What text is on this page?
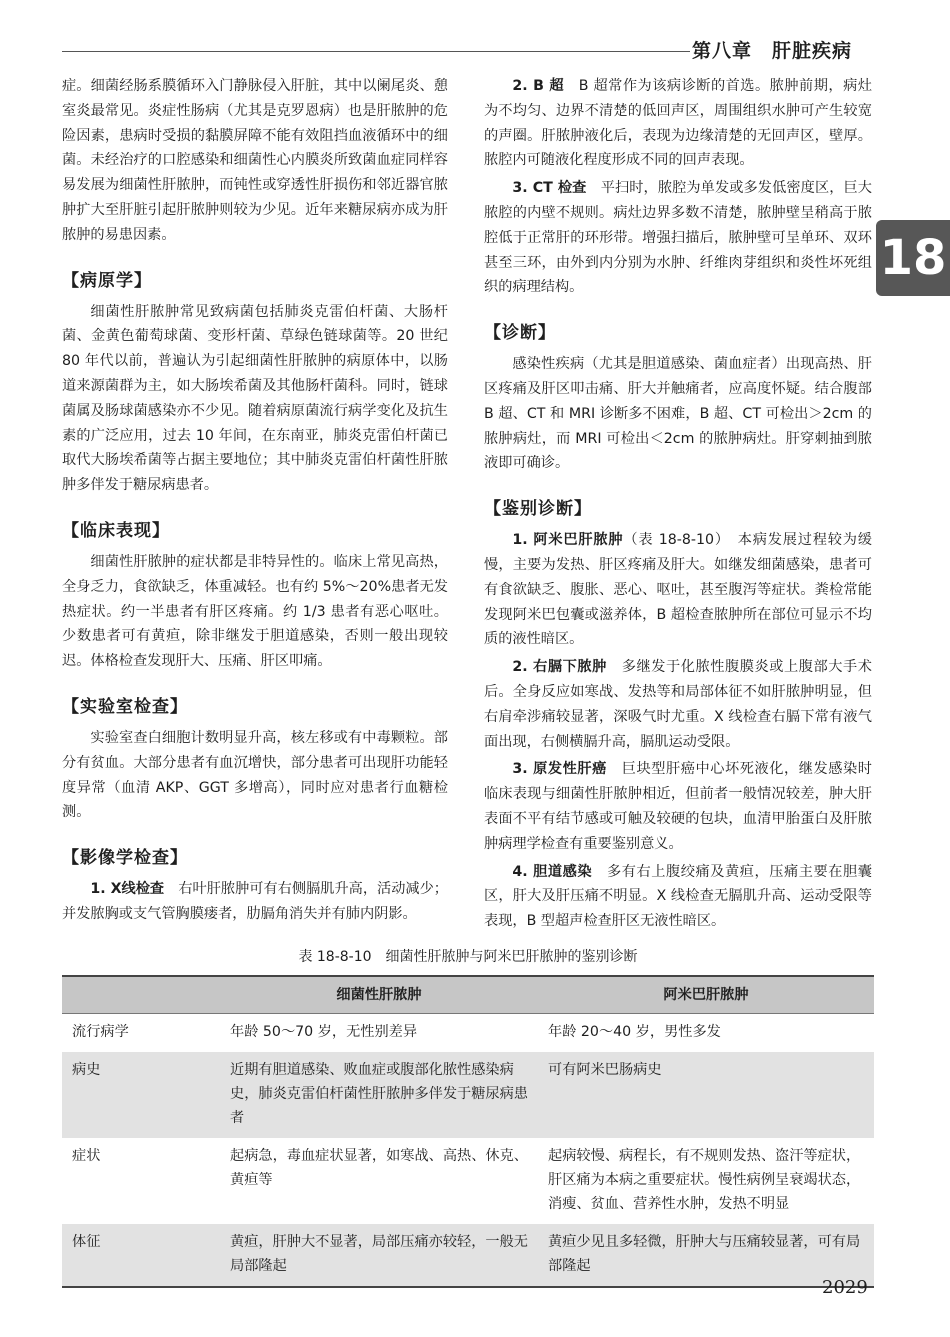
第八章　肝脏疾病
18

症。细菌经肠系膜循环入门静脉侵入肝脏，其中以阑尾炎、憩室炎最常见。炎症性肠病（尤其是克罗恩病）也是肝脓肿的危险因素，患病时受损的黏膜屏障不能有效阻挡血液循环中的细菌。未经治疗的口腔感染和细菌性心内膜炎所致菌血症同样容易发展为细菌性肝脓肿，而钝性或穿透性肝损伤和邻近器官脓肿扩大至肝脏引起肝脓肿则较为少见。近年来糖尿病亦成为肝脓肿的易患因素。

【病原学】

细菌性肝脓肿常见致病菌包括肺炎克雷伯杆菌、大肠杆菌、金黄色葡萄球菌、变形杆菌、草绿色链球菌等。20 世纪 80 年代以前，普遍认为引起细菌性肝脓肿的病原体中，以肠道来源菌群为主，如大肠埃希菌及其他肠杆菌科。同时，链球菌属及肠球菌感染亦不少见。随着病原菌流行病学变化及抗生素的广泛应用，过去 10 年间，在东南亚，肺炎克雷伯杆菌已取代大肠埃希菌等占据主要地位；其中肺炎克雷伯杆菌性肝脓肿多伴发于糖尿病患者。

【临床表现】

细菌性肝脓肿的症状都是非特异性的。临床上常见高热，全身乏力，食欲缺乏，体重减轻。也有约 5%～20%患者无发热症状。约一半患者有肝区疼痛。约 1/3 患者有恶心呕吐。少数患者可有黄疸，除非继发于胆道感染，否则一般出现较迟。体格检查发现肝大、压痛、肝区叩痛。

【实验室检查】

实验室查白细胞计数明显升高，核左移或有中毒颗粒。部分有贫血。大部分患者有血沉增快，部分患者可出现肝功能轻度异常（血清 AKP、GGT 多增高），同时应对患者行血糖检测。

【影像学检查】

1. X线检查　 右叶肝脓肿可有右侧膈肌升高，活动减少；并发脓胸或支气管胸膜瘘者，肋膈角消失并有肺内阴影。

2. B 超　 B 超常作为该病诊断的首选。脓肿前期，病灶为不均匀、边界不清楚的低回声区，周围组织水肿可产生较宽的声圈。肝脓肿液化后，表现为边缘清楚的无回声区，壁厚。脓腔内可随液化程度形成不同的回声表现。

3. CT 检查　 平扫时，脓腔为单发或多发低密度区，巨大脓腔的内壁不规则。病灶边界多数不清楚，脓肿壁呈稍高于脓腔低于正常肝的环形带。增强扫描后，脓肿壁可呈单环、双环甚至三环，由外到内分别为水肿、纤维肉芽组织和炎性坏死组织的病理结构。

【诊断】

感染性疾病（尤其是胆道感染、菌血症者）出现高热、肝区疼痛及肝区叩击痛、肝大并触痛者，应高度怀疑。结合腹部 B 超、CT 和 MRI 诊断多不困难，B 超、CT 可检出＞2cm 的脓肿病灶，而 MRI 可检出＜2cm 的脓肿病灶。肝穿刺抽到脓液即可确诊。

【鉴别诊断】

1. 阿米巴肝脓肿（表 18-8-10）　 本病发展过程较为缓慢，主要为发热、肝区疼痛及肝大。如继发细菌感染，患者可有食欲缺乏、腹胀、恶心、呕吐，甚至腹泻等症状。粪检常能发现阿米巴包囊或滋养体，B 超检查脓肿所在部位可显示不均质的液性暗区。

2. 右膈下脓肿　 多继发于化脓性腹膜炎或上腹部大手术后。全身反应如寒战、发热等和局部体征不如肝脓肿明显，但右肩牵涉痛较显著，深吸气时尤重。X 线检查右膈下常有液气面出现，右侧横膈升高，膈肌运动受限。

3. 原发性肝癌　 巨块型肝癌中心坏死液化，继发感染时临床表现与细菌性肝脓肿相近，但前者一般情况较差，肿大肝表面不平有结节感或可触及较硬的包块，血清甲胎蛋白及肝脓肿病理学检查有重要鉴别意义。

4. 胆道感染　 多有右上腹绞痛及黄疸，压痛主要在胆囊区，肝大及肝压痛不明显。X 线检查无膈肌升高、运动受限等表现，B 型超声检查肝区无液性暗区。

表 18-8-10　细菌性肝脓肿与阿米巴肝脓肿的鉴别诊断
	细菌性肝脓肿	阿米巴肝脓肿
流行病学	年龄 50～70 岁，无性别差异	年龄 20～40 岁，男性多发
病史	近期有胆道感染、败血症或腹部化脓性感染病史，肺炎克雷伯杆菌性肝脓肿多伴发于糖尿病患者	可有阿米巴肠病史
症状	起病急，毒血症状显著，如寒战、高热、休克、黄疸等	起病较慢、病程长，有不规则发热、盗汗等症状，肝区痛为本病之重要症状。慢性病例呈衰竭状态，消瘦、贫血、营养性水肿，发热不明显
体征	黄疸，肝肿大不显著，局部压痛亦较轻，一般无局部隆起	黄疸少见且多轻微，肝肿大与压痛较显著，可有局部隆起
2029
